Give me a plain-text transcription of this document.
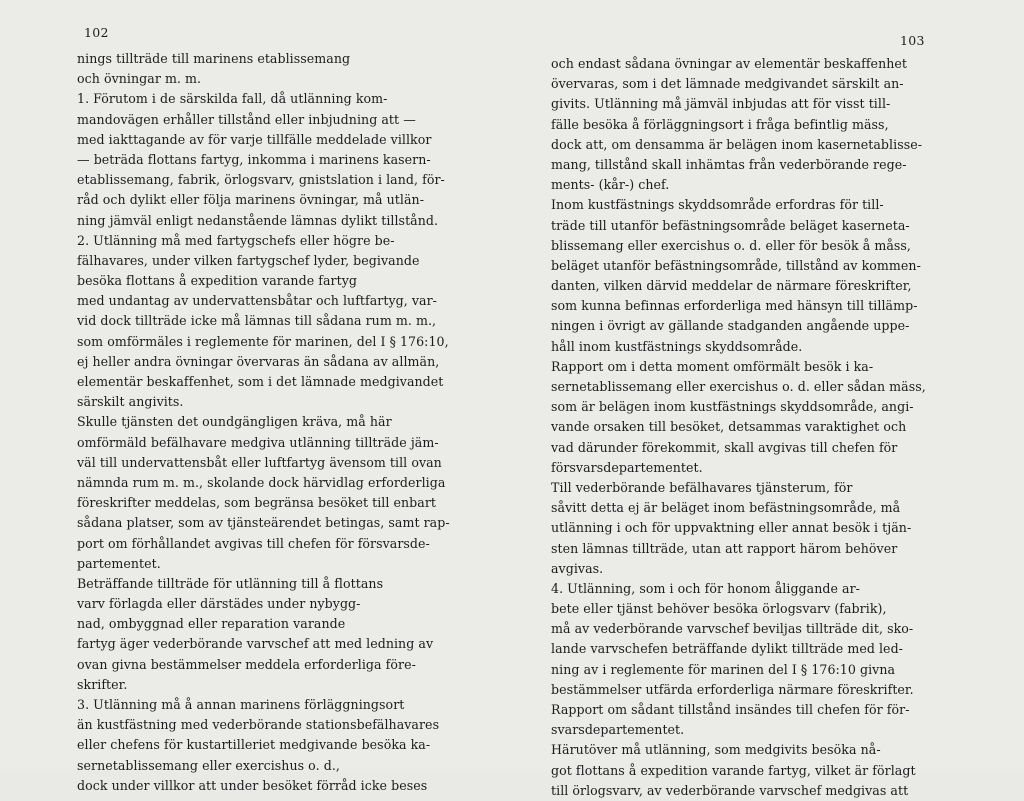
102
nings tillträde till marinens etablissemang
och övningar m. m.
1. Förutom i de särskilda fall, då utlänning kom-
mandovägen erhåller tillstånd eller inbjudning att —
med iakttagande av för varje tillfälle meddelade villkor
— beträda flottans fartyg, inkomma i marinens kasern-
etablissemang, fabrik, örlogsvarv, gnistslation i land, för-
råd och dylikt eller följa marinens övningar, må utlän-
ning jämväl enligt nedanstående lämnas dylikt tillstånd.
2. Utlänning må med fartygschefs eller högre be-
fälhavares, under vilken fartygschef lyder, begivande
besöka flottans å expedition varande fartyg
med undantag av undervattensbåtar och luftfartyg, var-
vid dock tillträde icke må lämnas till sådana rum m. m.,
som omförmäles i reglemente för marinen, del I § 176:10,
ej heller andra övningar övervaras än sådana av allmän,
elementär beskaffenhet, som i det lämnade medgivandet
särskilt angivits.
Skulle tjänsten det oundgängligen kräva, må här
omförmäld befälhavare medgiva utlänning tillträde jäm-
väl till undervattensbåt eller luftfartyg ävensom till ovan
nämnda rum m. m., skolande dock härvidlag erforderliga
föreskrifter meddelas, som begränsa besöket till enbart
sådana platser, som av tjänsteärendet betingas, samt rap-
port om förhållandet avgivas till chefen för försvarsde-
partementet.
Beträffande tillträde för utlänning till å flottans
varv förlagda eller därstädes under nybygg-
nad, ombyggnad eller reparation varande
fartyg äger vederbörande varvschef att med ledning av
ovan givna bestämmelser meddela erforderliga före-
skrifter.
3. Utlänning må å annan marinens förläggningsort
än kustfästning med vederbörande stationsbefälhavares
eller chefens för kustartilleriet medgivande besöka ka-
sernetablissemang eller exercishus o. d.,
dock under villkor att under besöket förråd icke beses
103
och endast sådana övningar av elementär beskaffenhet
övervaras, som i det lämnade medgivandet särskilt an-
givits. Utlänning må jämväl inbjudas att för visst till-
fälle besöka å förläggningsort i fråga befintlig mäss,
dock att, om densamma är belägen inom kasernetablisse-
mang, tillstånd skall inhämtas från vederbörande rege-
ments- (kår-) chef.
Inom kustfästnings skyddsområde erfordras för till-
träde till utanför befästningsområde beläget kaserneta-
blissemang eller exercishus o. d. eller för besök å måss,
beläget utanför befästningsområde, tillstånd av kommen-
danten, vilken därvid meddelar de närmare föreskrifter,
som kunna befinnas erforderliga med hänsyn till tillämp-
ningen i övrigt av gällande stadganden angående uppe-
håll inom kustfästnings skyddsområde.
Rapport om i detta moment omförmält besök i ka-
sernetablissemang eller exercishus o. d. eller sådan mäss,
som är belägen inom kustfästnings skyddsområde, angi-
vande orsaken till besöket, detsammas varaktighet och
vad därunder förekommit, skall avgivas till chefen för
försvarsdepartementet.
Till vederbörande befälhavares tjänsterum, för
såvitt detta ej är beläget inom befästningsområde, må
utlänning i och för uppvaktning eller annat besök i tjän-
sten lämnas tillträde, utan att rapport härom behöver
avgivas.
4. Utlänning, som i och för honom åliggande ar-
bete eller tjänst behöver besöka örlogsvarv (fabrik),
må av vederbörande varvschef beviljas tillträde dit, sko-
lande varvschefen beträffande dylikt tillträde med led-
ning av i reglemente för marinen del I § 176:10 givna
bestämmelser utfärda erforderliga närmare föreskrifter.
Rapport om sådant tillstånd insändes till chefen för för-
svarsdepartementet.
Härutöver må utlänning, som medgivits besöka nå-
got flottans å expedition varande fartyg, vilket är förlagt
till örlogsvarv, av vederbörande varvschef medgivas att
